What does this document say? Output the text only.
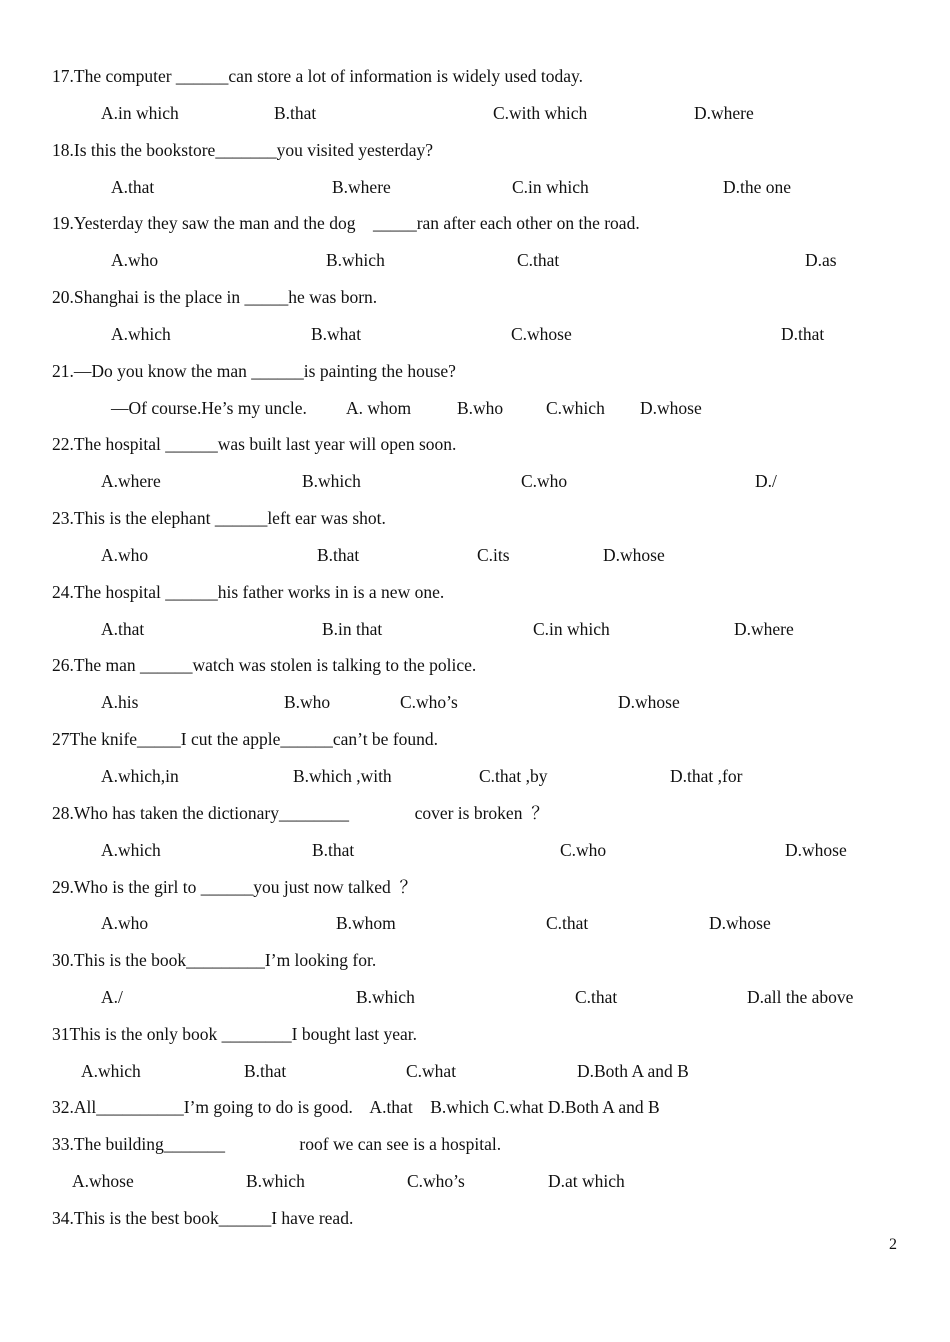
17.The computer ______can store a lot of information is widely used today.
A.in which	B.that	C.with which	D.where
18.Is this the bookstore_______you visited yesterday?
A.that	B.where	C.in which	D.the one
19.Yesterday they saw the man and the dog    _____ran after each other on the road.
A.who	B.which	C.that	D.as
20.Shanghai is the place in _____he was born.
A.which	B.what	C.whose	D.that
21.—Do you know the man ______is painting the house?
—Of course.He’s my uncle. A. whom	B.who C.which D.whose
22.The hospital ______was built last year will open soon.
A.where	B.which	C.who	D./
23.This is the elephant ______left ear was shot.
A.who	B.that	C.its	D.whose
24.The hospital ______his father works in is a new one.
A.that	B.in that	C.in which	D.where
26.The man ______watch was stolen is talking to the police.
A.his	B.who	C.who’s	D.whose
27The knife_____I cut the apple______can’t be found.
A.which,in	B.which ,with	C.that ,by	D.that ,for
28.Who has taken the dictionary________               cover is broken  ？
A.which	B.that	C.who	D.whose
29.Who is the girl to ______you just now talked  ？
A.who	B.whom	C.that	D.whose
30.This is the book_________I’m looking for.
A./	B.which	C.that	D.all the above
31This is the only book ________I bought last year.
A.which	B.that	C.what	D.Both A and B
32.All__________I’m going to do is good.    A.that    B.which C.what D.Both A and B
33.The building_______                 roof we can see is a hospital.
A.whose	B.which	C.who’s	D.at which
34.This is the best book______I have read.
2
